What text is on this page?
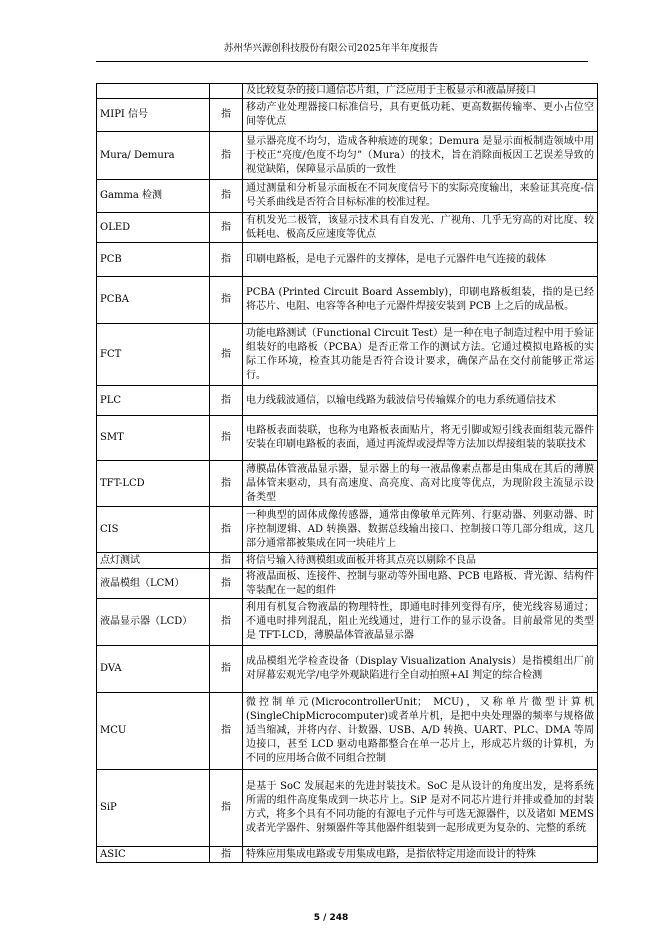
苏州华兴源创科技股份有限公司2025年半年度报告
		及比较复杂的接口通信芯片组，广泛应用于主板显示和液晶屏接口
MIPI 信号	指	移动产业处理器接口标准信号，具有更低功耗、更高数据传输率、更小占位空间等优点
Mura/ Demura	指	显示器亮度不均匀，造成各种痕迹的现象；Demura 是显示面板制造领域中用于校正“亮度/色度不均匀”（Mura）的技术，旨在消除面板因工艺误差导致的视觉缺陷，保障显示品质的一致性
Gamma 检测	指	通过测量和分析显示面板在不同灰度信号下的实际亮度输出，来验证其亮度-信号关系曲线是否符合目标标准的校准过程。
OLED	指	有机发光二极管，该显示技术具有自发光、广视角、几乎无穷高的对比度、较低耗电、极高反应速度等优点
PCB	指	印刷电路板，是电子元器件的支撑体，是电子元器件电气连接的载体
PCBA	指	PCBA (Printed Circuit Board Assembly)，印刷电路板组装，指的是已经将芯片、电阻、电容等各种电子元器件焊接安装到 PCB 上之后的成品板。
FCT	指	功能电路测试（Functional Circuit Test）是一种在电子制造过程中用于验证组装好的电路板（PCBA）是否正常工作的测试方法。它通过模拟电路板的实际工作环境，检查其功能是否符合设计要求，确保产品在交付前能够正常运行。
PLC	指	电力线载波通信，以输电线路为载波信号传输媒介的电力系统通信技术
SMT	指	电路板表面装联，也称为电路板表面贴片，将无引脚或短引线表面组装元器件安装在印刷电路板的表面，通过再流焊或浸焊等方法加以焊接组装的装联技术
TFT-LCD	指	薄膜晶体管液晶显示器，显示器上的每一液晶像素点都是由集成在其后的薄膜晶体管来驱动，具有高速度、高亮度、高对比度等优点，为现阶段主流显示设备类型
CIS	指	一种典型的固体成像传感器，通常由像敏单元阵列、行驱动器、列驱动器、时序控制逻辑、AD 转换器、数据总线输出接口、控制接口等几部分组成，这几部分通常都被集成在同一块硅片上
点灯测试	指	将信号输入待测模组或面板并将其点亮以剔除不良品
液晶模组（LCM）	指	将液晶面板、连接件、控制与驱动等外围电路、PCB 电路板、背光源、结构件等装配在一起的组件
液晶显示器（LCD）	指	利用有机复合物液晶的物理特性，即通电时排列变得有序，使光线容易通过；不通电时排列混乱，阻止光线通过，进行工作的显示设备。目前最常见的类型是 TFT-LCD，薄膜晶体管液晶显示器
DVA	指	成品模组光学检查设备（Display Visualization Analysis）是指模组出厂前对屏幕宏观光学/电学外观缺陷进行全自动拍照+AI 判定的综合检测
MCU	指	微控制单元(MicrocontrollerUnit； MCU)，又称单片微型计算机(SingleChipMicrocomputer)或者单片机，是把中央处理器的频率与规格做适当缩减，并将内存、计数器、USB、A/D 转换、UART、PLC、DMA 等周边接口，甚至 LCD 驱动电路都整合在单一芯片上，形成芯片级的计算机，为不同的应用场合做不同组合控制
SiP	指	是基于 SoC 发展起来的先进封装技术。SoC 是从设计的角度出发，是将系统所需的组件高度集成到一块芯片上。SiP 是对不同芯片进行并排或叠加的封装方式，将多个具有不同功能的有源电子元件与可选无源器件，以及诸如 MEMS 或者光学器件、射频器件等其他器件组装到一起形成更为复杂的、完整的系统
ASIC	指	特殊应用集成电路或专用集成电路，是指依特定用途而设计的特殊
5 / 248
